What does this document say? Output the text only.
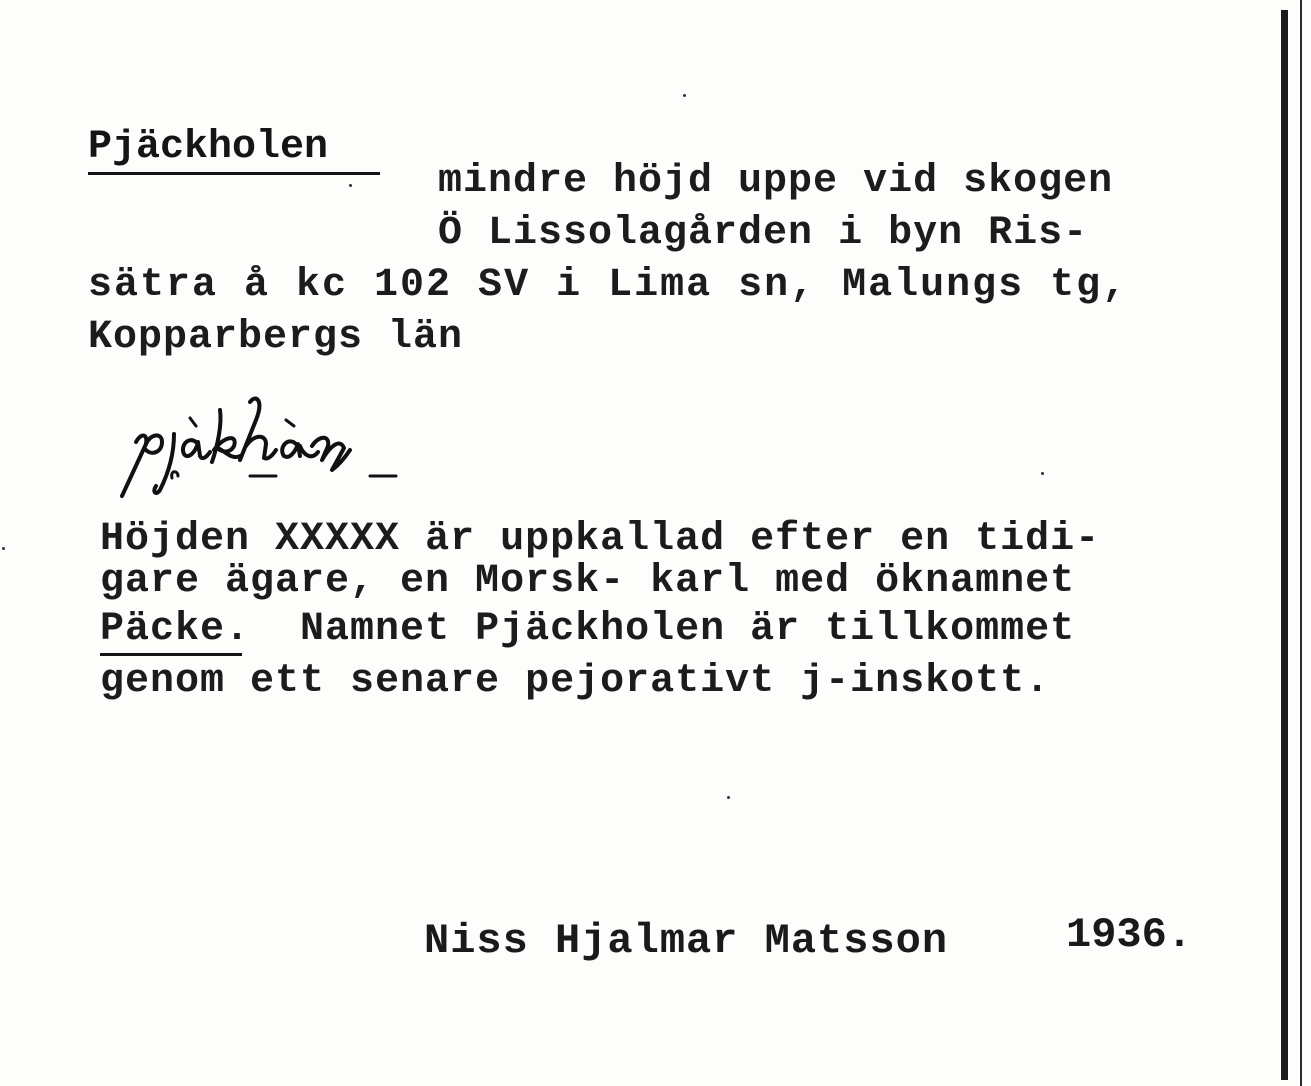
Pjäckholen
mindre höjd uppe vid skogen
Ö Lissolagården i byn Ris-
sätra å kc 102 SV i Lima sn, Malungs tg,
Kopparbergs län
Höjden XXXXX är uppkallad efter en tidi-
gare ägare, en Morsk- karl med öknamnet
Päcke.  Namnet Pjäckholen är tillkommet
genom ett senare pejorativt j-inskott.
Niss Hjalmar Matsson	1936.
